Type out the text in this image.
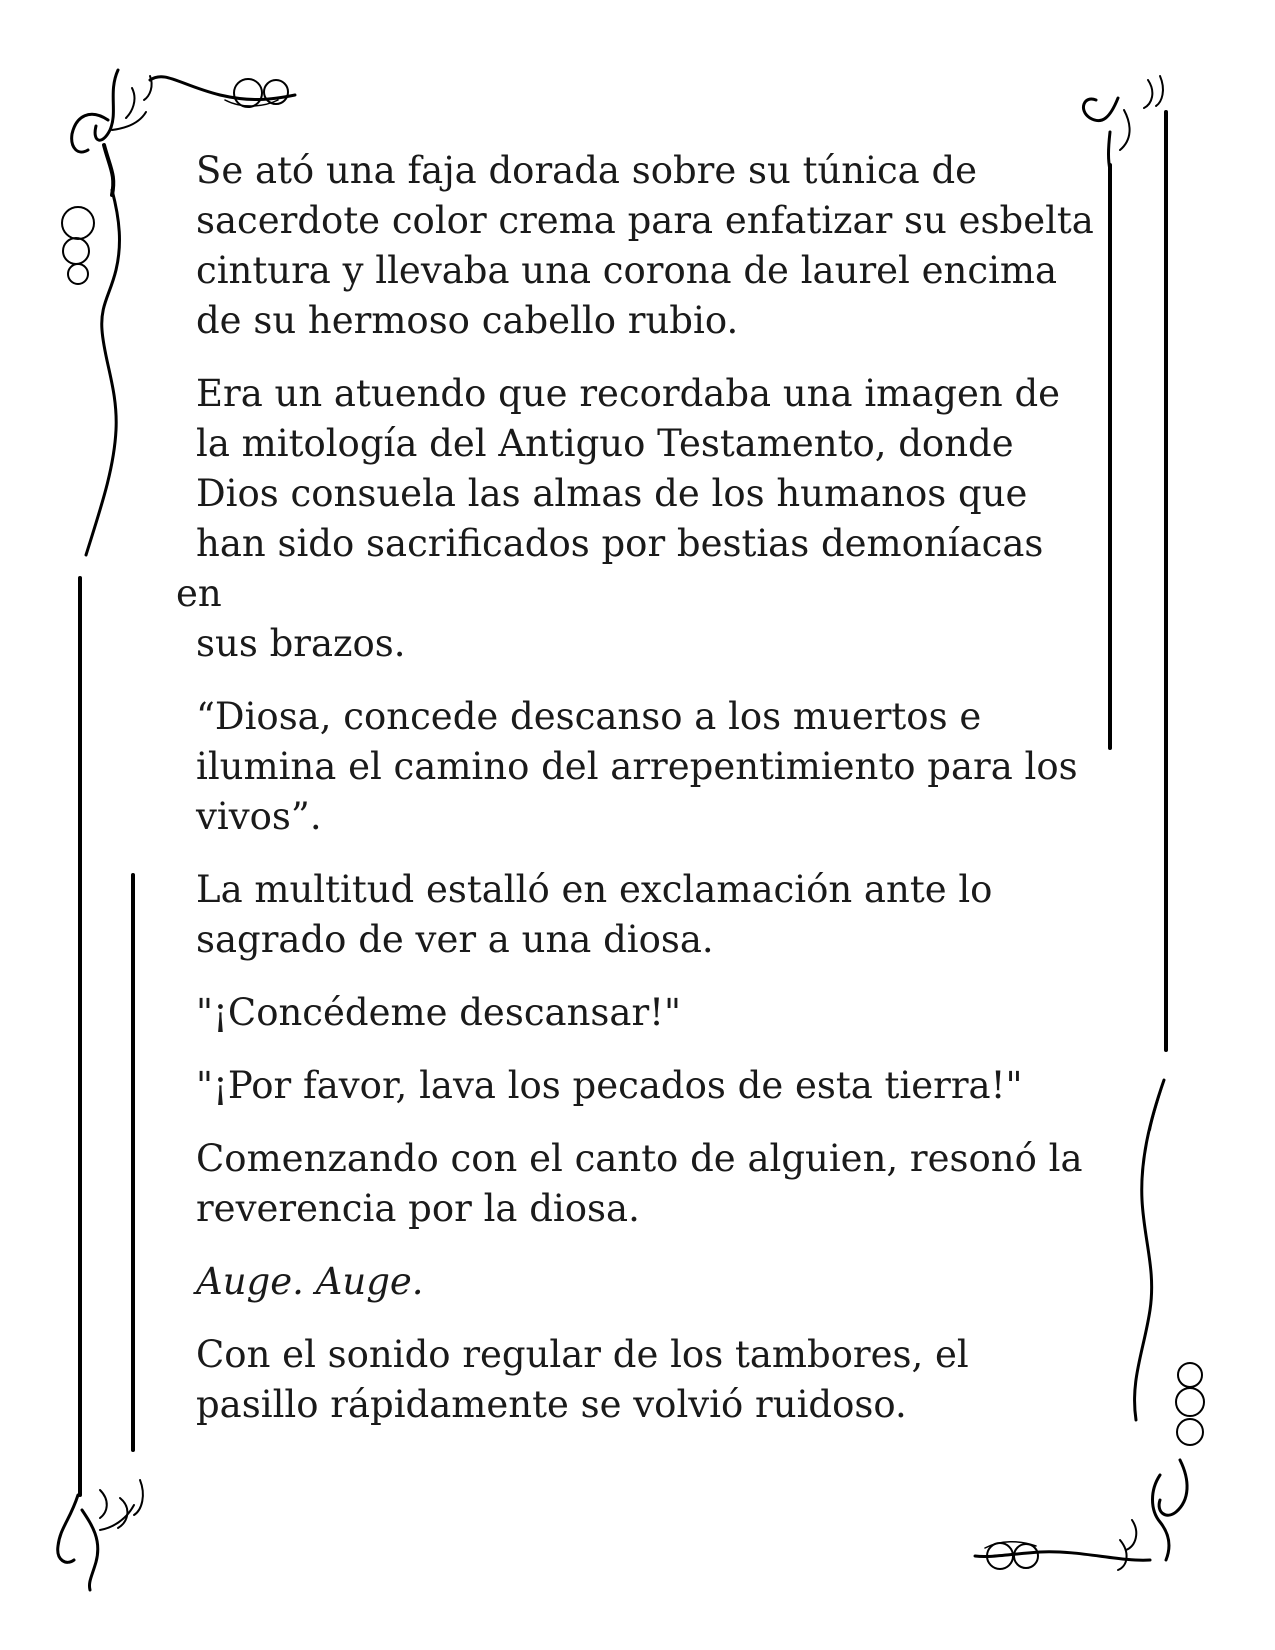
Se ató una faja dorada sobre su túnica de
sacerdote color crema para enfatizar su esbelta
cintura y llevaba una corona de laurel encima
de su hermoso cabello rubio.

Era un atuendo que recordaba una imagen de
la mitología del Antiguo Testamento, donde
Dios consuela las almas de los humanos que
han sido sacrificados por bestias demoníacas en
sus brazos.

“Diosa, concede descanso a los muertos e
ilumina el camino del arrepentimiento para los
vivos”.

La multitud estalló en exclamación ante lo
sagrado de ver a una diosa.

"¡Concédeme descansar!"

"¡Por favor, lava los pecados de esta tierra!"

Comenzando con el canto de alguien, resonó la
reverencia por la diosa.

Auge. Auge.

Con el sonido regular de los tambores, el
pasillo rápidamente se volvió ruidoso.
